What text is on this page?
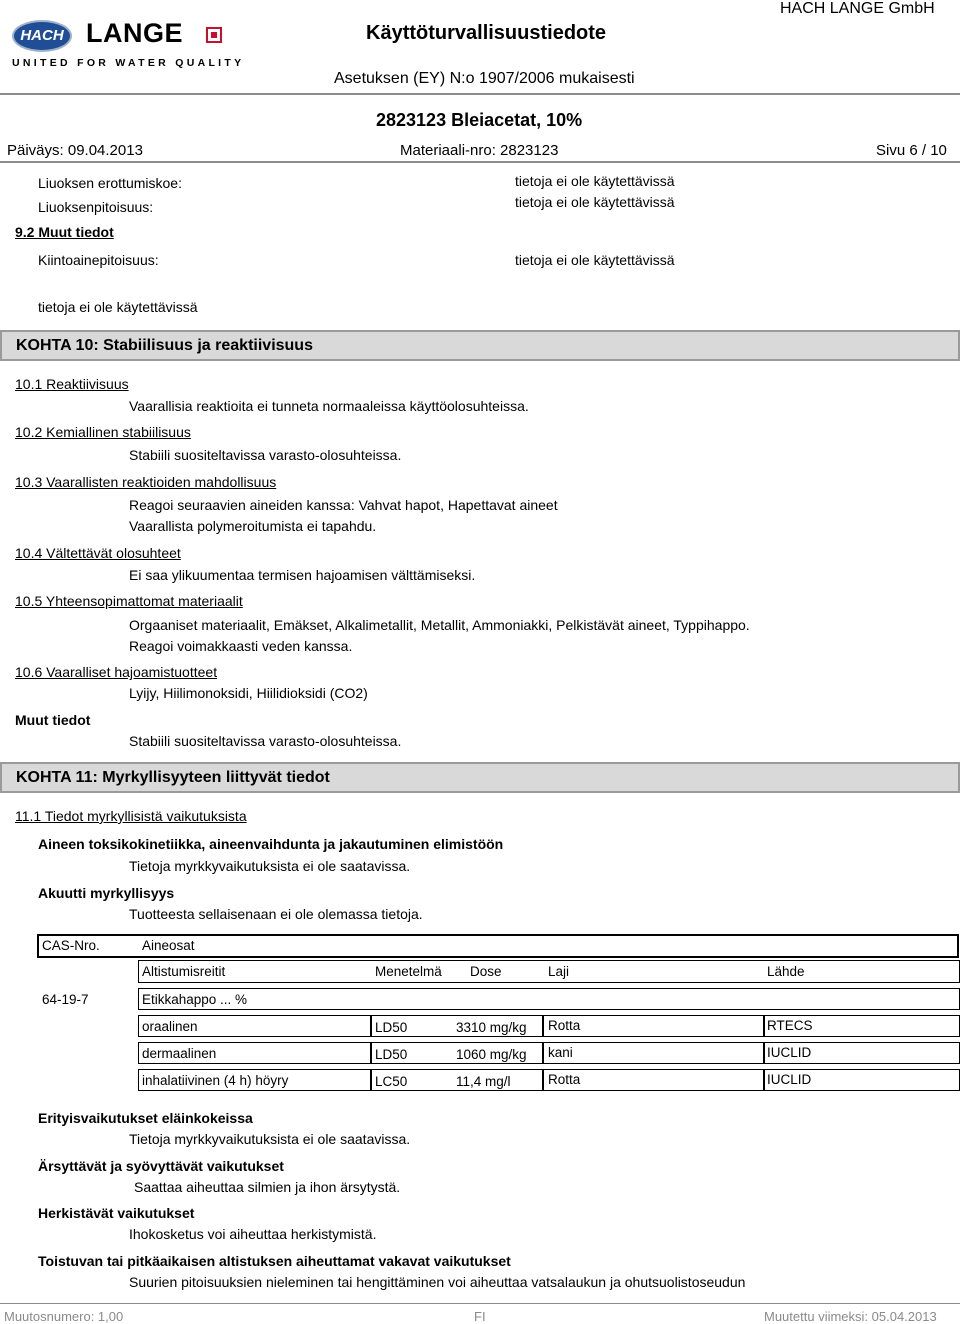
HACH LANGE
UNITED FOR WATER QUALITY
Käyttöturvallisuustiedote
HACH LANGE GmbH
Asetuksen (EY) N:o 1907/2006 mukaisesti
2823123 Bleiacetat, 10%
Päiväys: 09.04.2013	Materiaali-nro: 2823123	Sivu 6 / 10
Liuoksen erottumiskoe:	tietoja ei ole käytettävissä
Liuoksenpitoisuus:	tietoja ei ole käytettävissä
9.2 Muut tiedot
Kiintoainepitoisuus:	tietoja ei ole käytettävissä
tietoja ei ole käytettävissä
KOHTA 10: Stabiilisuus ja reaktiivisuus
10.1 Reaktiivisuus
Vaarallisia reaktioita ei tunneta normaaleissa käyttöolosuhteissa.
10.2 Kemiallinen stabiilisuus
Stabiili suositeltavissa varasto-olosuhteissa.
10.3 Vaarallisten reaktioiden mahdollisuus
Reagoi seuraavien aineiden kanssa: Vahvat hapot, Hapettavat aineet
Vaarallista polymeroitumista ei tapahdu.
10.4 Vältettävät olosuhteet
Ei saa ylikuumentaa termisen hajoamisen välttämiseksi.
10.5 Yhteensopimattomat materiaalit
Orgaaniset materiaalit, Emäkset, Alkalimetallit, Metallit, Ammoniakki, Pelkistävät aineet, Typpihappo.
Reagoi voimakkaasti veden kanssa.
10.6 Vaaralliset hajoamistuotteet
Lyijy, Hiilimonoksidi, Hiilidioksidi (CO2)
Muut tiedot
Stabiili suositeltavissa varasto-olosuhteissa.
KOHTA 11: Myrkyllisyyteen liittyvät tiedot
11.1 Tiedot myrkyllisistä vaikutuksista
Aineen toksikokinetiikka, aineenvaihdunta ja jakautuminen elimistöön
Tietoja myrkkyvaikutuksista ei ole saatavissa.
Akuutti myrkyllisyys
Tuotteesta sellaisenaan ei ole olemassa tietoja.
CAS-Nro.	Aineosat
Altistumisreitit	Menetelmä Dose	Laji	Lähde
64-19-7	Etikkahappo ... %
oraalinen	LD50	3310 mg/kg Rotta	RTECS
dermaalinen	LD50	1060 mg/kg kani	IUCLID
inhalatiivinen (4 h) höyry	LC50	11,4 mg/l	Rotta	IUCLID
Erityisvaikutukset eläinkokeissa
Tietoja myrkkyvaikutuksista ei ole saatavissa.
Ärsyttävät ja syövyttävät vaikutukset
Saattaa aiheuttaa silmien ja ihon ärsytystä.
Herkistävät vaikutukset
Ihokosketus voi aiheuttaa herkistymistä.
Toistuvan tai pitkäaikaisen altistuksen aiheuttamat vakavat vaikutukset
Suurien pitoisuuksien nieleminen tai hengittäminen voi aiheuttaa vatsalaukun ja ohutsuolistoseudun
Muutosnumero: 1,00	FI	Muutettu viimeksi: 05.04.2013
